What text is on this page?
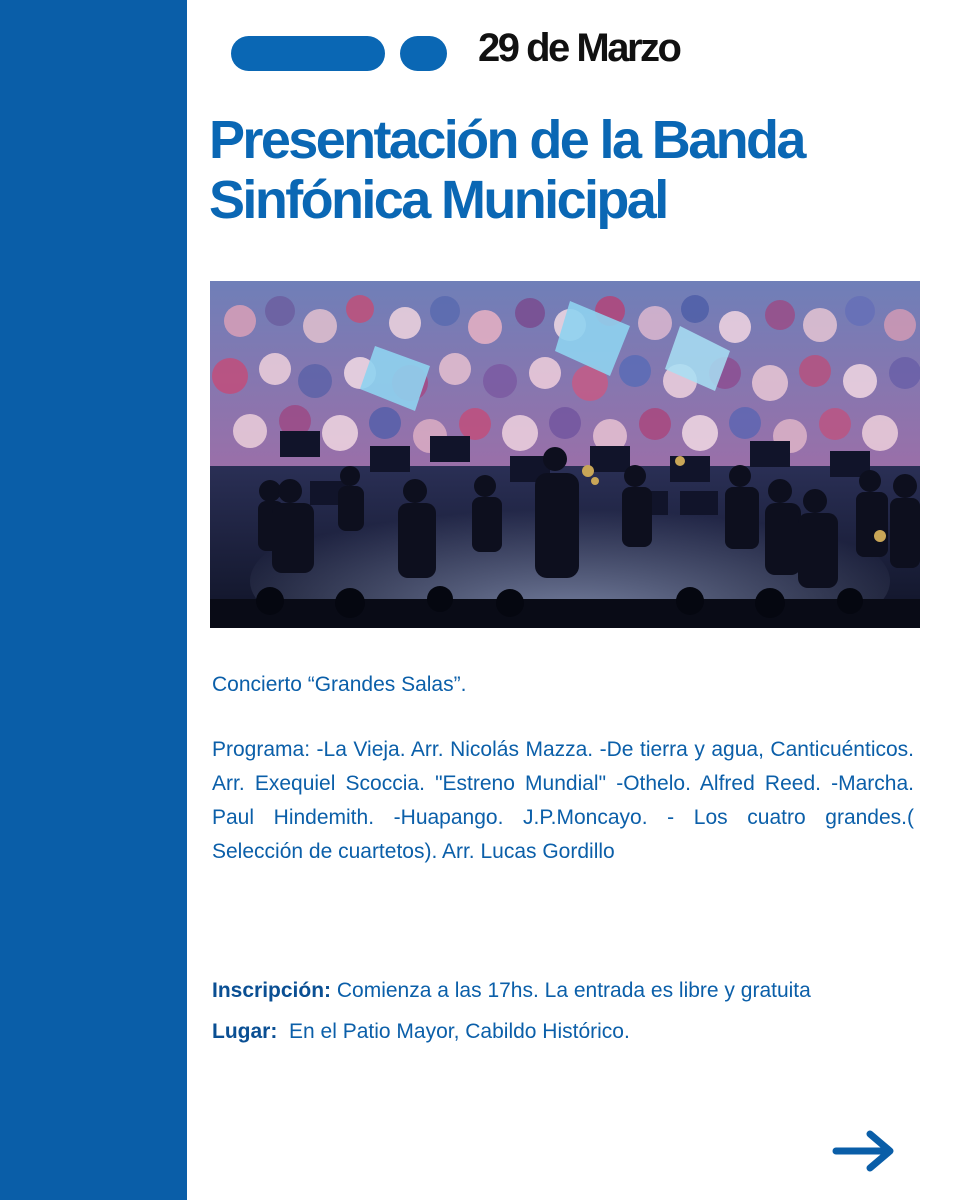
29 de Marzo
Presentación de la Banda
Sinfónica Municipal
Concierto “Grandes Salas”.
Programa: -La Vieja. Arr. Nicolás Mazza. -De tierra y agua, Canticuénticos. Arr. Exequiel Scoccia. "Estreno Mundial" -Othelo. Alfred Reed. -Marcha. Paul Hindemith. -Huapango. J.P.Moncayo. - Los cuatro grandes.( Selección de cuartetos). Arr. Lucas Gordillo
Inscripción: Comienza a las 17hs. La entrada es libre y gratuita
Lugar: En el Patio Mayor, Cabildo Histórico.
